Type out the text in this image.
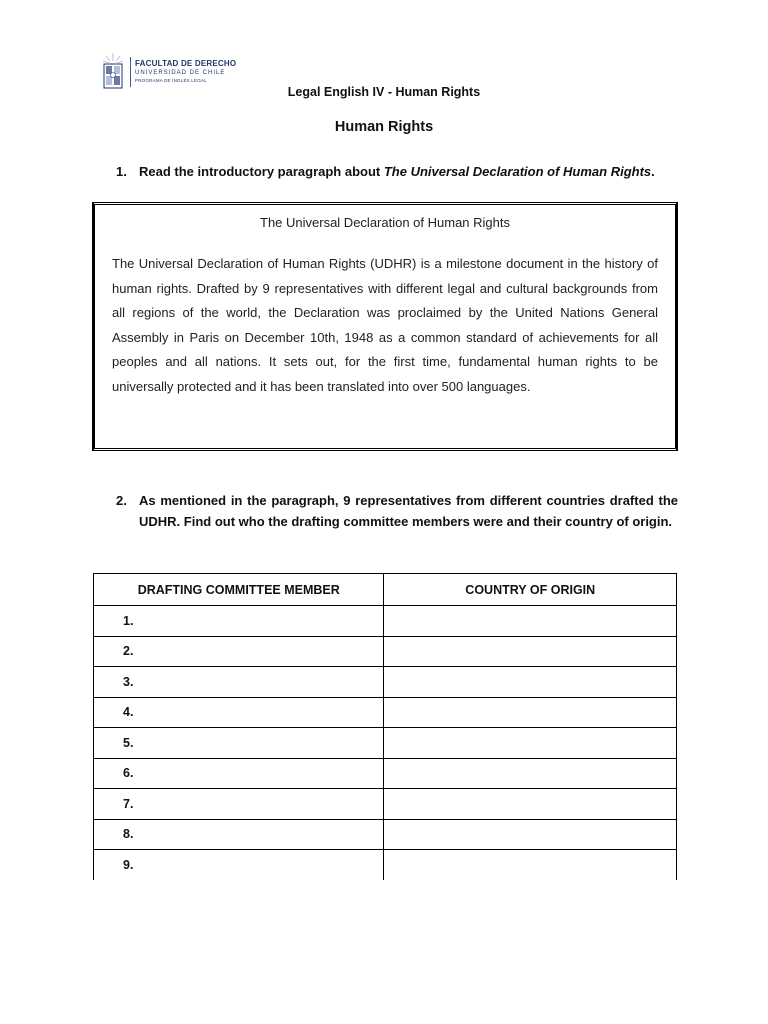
FACULTAD DE DERECHO
UNIVERSIDAD DE CHILE
PROGRAMA DE INGLÉS LEGAL
Legal English IV - Human Rights
Human Rights
1. Read the introductory paragraph about The Universal Declaration of Human Rights.
The Universal Declaration of Human Rights
The Universal Declaration of Human Rights (UDHR) is a milestone document in the history of human rights. Drafted by 9 representatives with different legal and cultural backgrounds from all regions of the world, the Declaration was proclaimed by the United Nations General Assembly in Paris on December 10th, 1948 as a common standard of achievements for all peoples and all nations. It sets out, for the first time, fundamental human rights to be universally protected and it has been translated into over 500 languages.
2. As mentioned in the paragraph, 9 representatives from different countries drafted the UDHR. Find out who the drafting committee members were and their country of origin.
DRAFTING COMMITTEE MEMBER	COUNTRY OF ORIGIN
1.	
2.	
3.	
4.	
5.	
6.	
7.	
8.	
9.	
